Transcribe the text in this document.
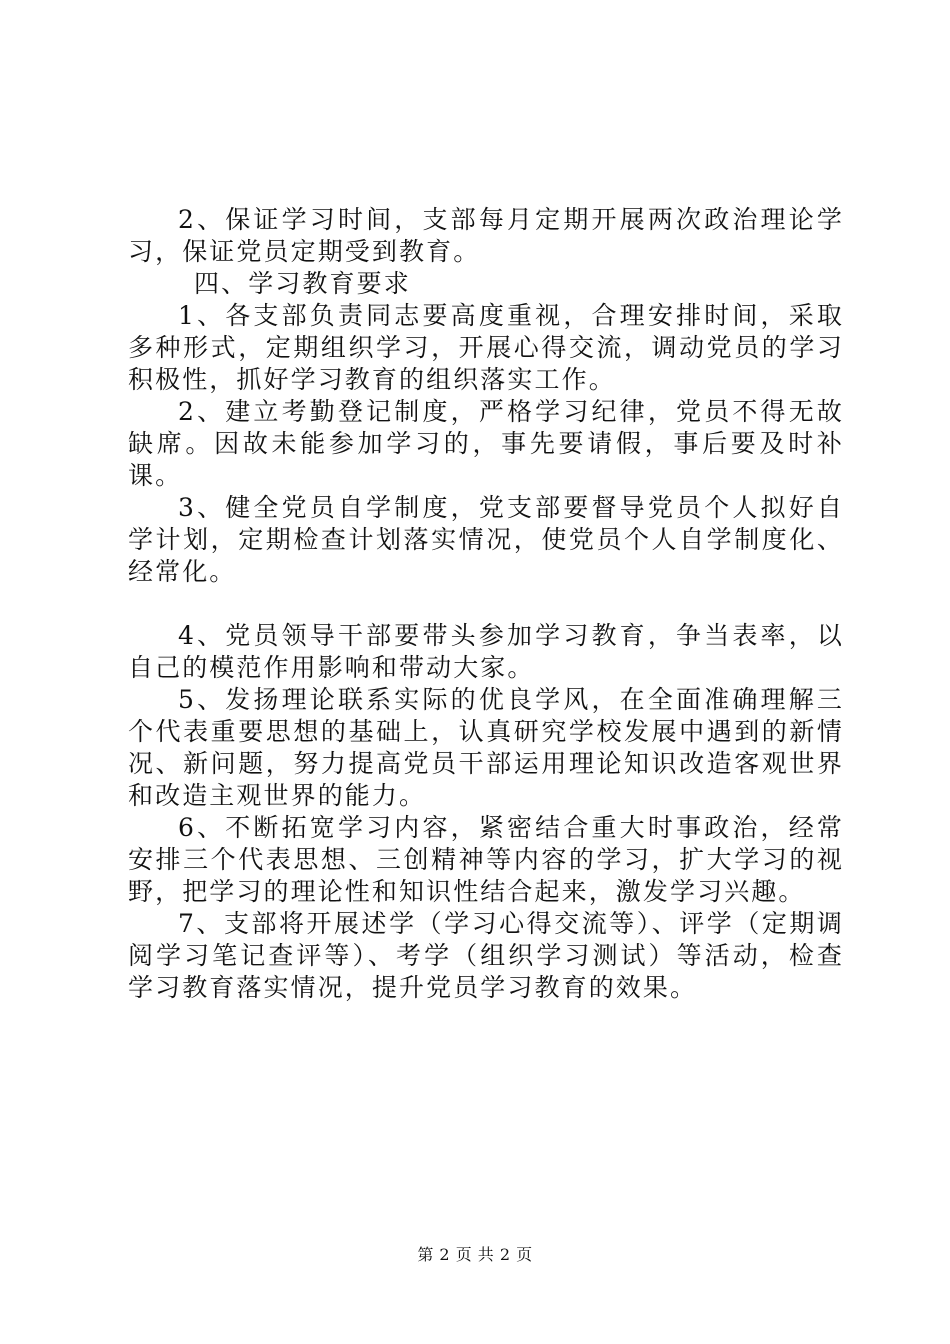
2、保证学习时间，支部每月定期开展两次政治理论学习，保证党员定期受到教育。

四、学习教育要求

1、各支部负责同志要高度重视，合理安排时间，采取多种形式，定期组织学习，开展心得交流，调动党员的学习积极性，抓好学习教育的组织落实工作。

2、建立考勤登记制度，严格学习纪律，党员不得无故缺席。因故未能参加学习的，事先要请假，事后要及时补课。

3、健全党员自学制度，党支部要督导党员个人拟好自学计划，定期检查计划落实情况，使党员个人自学制度化、经常化。

4、党员领导干部要带头参加学习教育，争当表率，以自己的模范作用影响和带动大家。

5、发扬理论联系实际的优良学风，在全面准确理解三个代表重要思想的基础上，认真研究学校发展中遇到的新情况、新问题，努力提高党员干部运用理论知识改造客观世界和改造主观世界的能力。

6、不断拓宽学习内容，紧密结合重大时事政治，经常安排三个代表思想、三创精神等内容的学习，扩大学习的视野，把学习的理论性和知识性结合起来，激发学习兴趣。

7、支部将开展述学（学习心得交流等）、评学（定期调阅学习笔记查评等）、考学（组织学习测试）等活动，检查学习教育落实情况，提升党员学习教育的效果。

第 2 页 共 2 页
